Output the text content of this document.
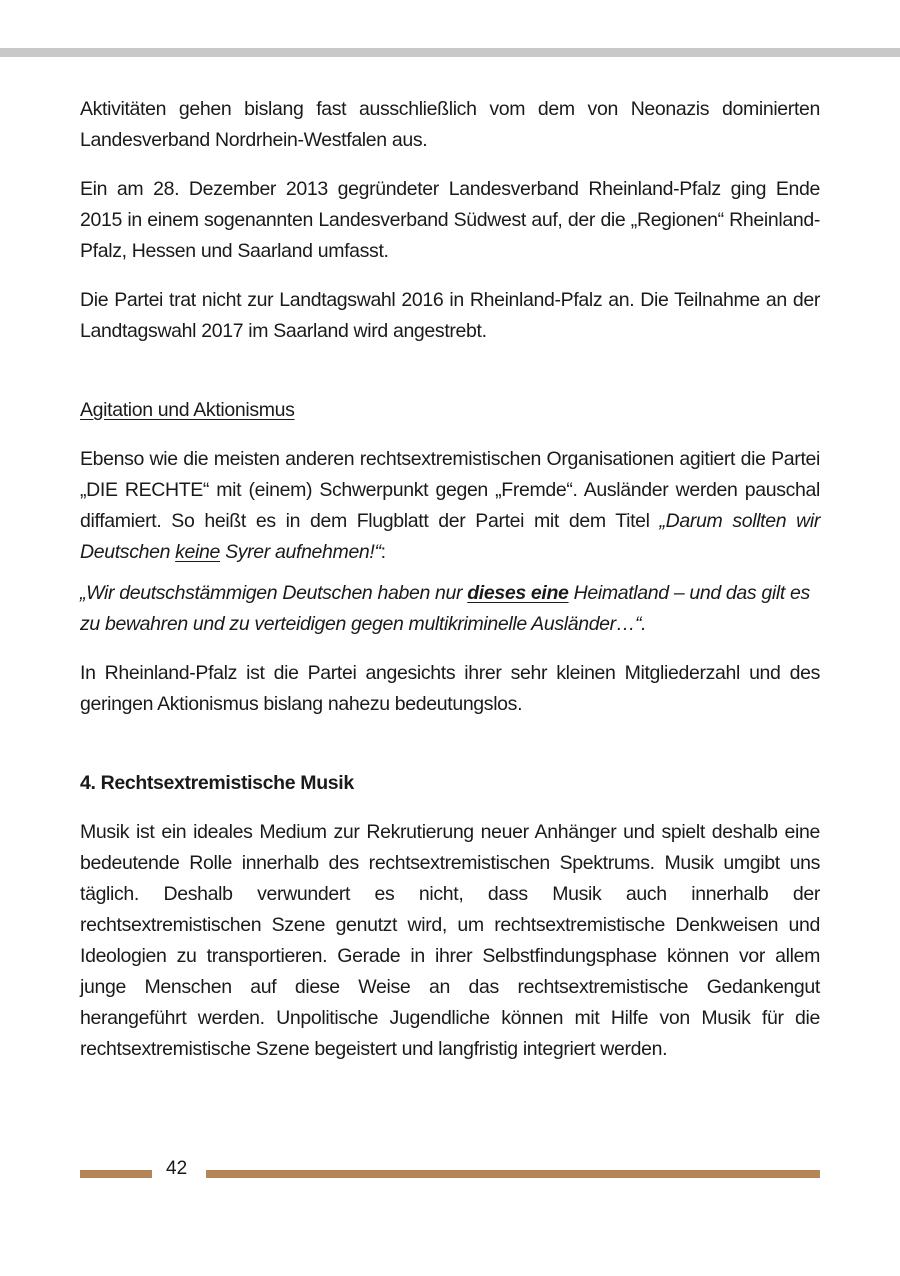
Aktivitäten gehen bislang fast ausschließlich vom dem von Neonazis dominierten Landesverband Nordrhein-Westfalen aus.

Ein am 28. Dezember 2013 gegründeter Landesverband Rheinland-Pfalz ging Ende 2015 in einem sogenannten Landesverband Südwest auf, der die „Regionen“ Rheinland-Pfalz, Hessen und Saarland umfasst.

Die Partei trat nicht zur Landtagswahl 2016 in Rheinland-Pfalz an. Die Teilnahme an der Landtagswahl 2017 im Saarland wird angestrebt.

Agitation und Aktionismus

Ebenso wie die meisten anderen rechtsextremistischen Organisationen agitiert die Partei „DIE RECHTE“ mit (einem) Schwerpunkt gegen „Fremde“. Ausländer werden pauschal diffamiert. So heißt es in dem Flugblatt der Partei mit dem Titel „Darum sollten wir Deutschen keine Syrer aufnehmen!“:

„Wir deutschstämmigen Deutschen haben nur dieses eine Heimatland – und das gilt es zu bewahren und zu verteidigen gegen multikriminelle Ausländer…“.

In Rheinland-Pfalz ist die Partei angesichts ihrer sehr kleinen Mitgliederzahl und des geringen Aktionismus bislang nahezu bedeutungslos.

4. Rechtsextremistische Musik

Musik ist ein ideales Medium zur Rekrutierung neuer Anhänger und spielt deshalb eine bedeutende Rolle innerhalb des rechtsextremistischen Spektrums. Musik umgibt uns täglich. Deshalb verwundert es nicht, dass Musik auch innerhalb der rechtsextremistischen Szene genutzt wird, um rechtsextremistische Denkweisen und Ideologien zu transportieren. Gerade in ihrer Selbstfindungsphase können vor allem junge Menschen auf diese Weise an das rechtsextremistische Gedankengut herangeführt werden. Unpolitische Jugendliche können mit Hilfe von Musik für die rechtsextremistische Szene begeistert und langfristig integriert werden.

42
